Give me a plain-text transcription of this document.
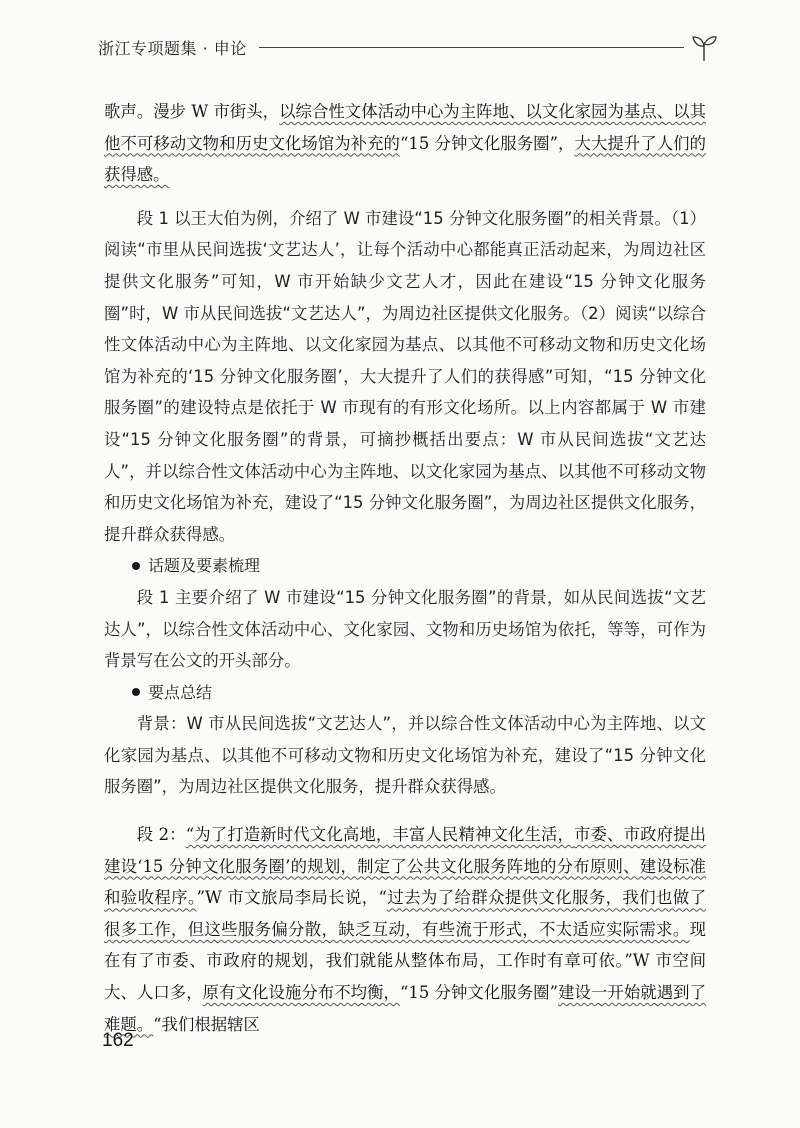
浙江专项题集 · 申论

歌声。漫步 W 市街头，以综合性文体活动中心为主阵地、以文化家园为基点、以其他不可移动文物和历史文化场馆为补充的“15 分钟文化服务圈”，大大提升了人们的获得感。

段 1 以王大伯为例，介绍了 W 市建设“15 分钟文化服务圈”的相关背景。（1）阅读“市里从民间选拔‘文艺达人’，让每个活动中心都能真正活动起来，为周边社区提供文化服务”可知，W 市开始缺少文艺人才，因此在建设“15 分钟文化服务圈”时，W 市从民间选拔“文艺达人”，为周边社区提供文化服务。（2）阅读“以综合性文体活动中心为主阵地、以文化家园为基点、以其他不可移动文物和历史文化场馆为补充的‘15 分钟文化服务圈’，大大提升了人们的获得感”可知，“15 分钟文化服务圈”的建设特点是依托于 W 市现有的有形文化场所。以上内容都属于 W 市建设“15 分钟文化服务圈”的背景，可摘抄概括出要点：W 市从民间选拔“文艺达人”，并以综合性文体活动中心为主阵地、以文化家园为基点、以其他不可移动文物和历史文化场馆为补充，建设了“15 分钟文化服务圈”，为周边社区提供文化服务，提升群众获得感。

话题及要素梳理

段 1 主要介绍了 W 市建设“15 分钟文化服务圈”的背景，如从民间选拔“文艺达人”，以综合性文体活动中心、文化家园、文物和历史场馆为依托，等等，可作为背景写在公文的开头部分。

要点总结

背景：W 市从民间选拔“文艺达人”，并以综合性文体活动中心为主阵地、以文化家园为基点、以其他不可移动文物和历史文化场馆为补充，建设了“15 分钟文化服务圈”，为周边社区提供文化服务，提升群众获得感。

段 2：“为了打造新时代文化高地，丰富人民精神文化生活，市委、市政府提出建设‘15 分钟文化服务圈’的规划，制定了公共文化服务阵地的分布原则、建设标准和验收程序。”W 市文旅局李局长说，“过去为了给群众提供文化服务，我们也做了很多工作，但这些服务偏分散，缺乏互动，有些流于形式，不太适应实际需求。现在有了市委、市政府的规划，我们就能从整体布局，工作时有章可依。”W 市空间大、人口多，原有文化设施分布不均衡，“15 分钟文化服务圈”建设一开始就遇到了难题。“我们根据辖区

162
